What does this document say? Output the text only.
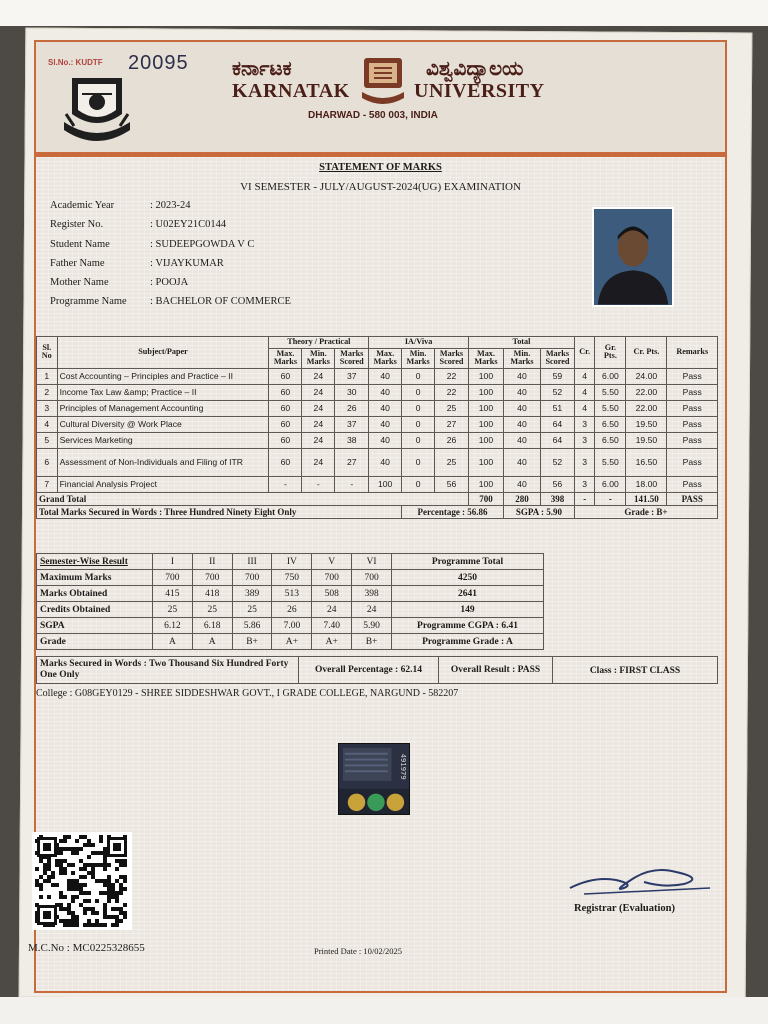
Sl.No.: KUDTF 20095 ಕರ್ನಾಟಕ	ವಿಶ್ವವಿದ್ಯಾಲಯ
KARNATAK	UNIVERSITY
DHARWAD - 580 003, INDIA
STATEMENT OF MARKS
VI SEMESTER - JULY/AUGUST-2024(UG) EXAMINATION
Academic Year	: 2023-24
Register No.	: U02EY21C0144
Student Name	: SUDEEPGOWDA V C
Father Name	: VIJAYKUMAR
Mother Name	: POOJA
Programme Name	: BACHELOR OF COMMERCE
Sl. No	Subject/Paper	Theory / Practical			IA/Viva			Total			Cr.	Gr. Pts.	Cr. Pts.	Remarks
		Max. Marks	Min. Marks	Marks Scored	Max. Marks	Min. Marks	Marks Scored	Max. Marks	Min. Marks	Marks Scored				
1	Cost Accounting – Principles and Practice – II	60	24	37	40	0	22	100	40	59	4	6.00	24.00	Pass
2	Income Tax Law &amp; Practice – II	60	24	30	40	0	22	100	40	52	4	5.50	22.00	Pass
3	Principles of Management Accounting	60	24	26	40	0	25	100	40	51	4	5.50	22.00	Pass
4	Cultural Diversity @ Work Place	60	24	37	40	0	27	100	40	64	3	6.50	19.50	Pass
5	Services Marketing	60	24	38	40	0	26	100	40	64	3	6.50	19.50	Pass
6	Assessment of Non-Individuals and Filing of ITR	60	24	27	40	0	25	100	40	52	3	5.50	16.50	Pass
7	Financial Analysis Project	-	-	-	100	0	56	100	40	56	3	6.00	18.00	Pass
Grand Total								700	280	398	-	-	141.50	PASS
Total Marks Secured in Words : Three Hundred Ninety Eight Only						Percentage : 56.86			SGPA : 5.90		Grade : B+			
Semester-Wise Result	I	II	III	IV	V	VI	Programme Total
Maximum Marks	700	700	700	750	700	700	4250
Marks Obtained	415	418	389	513	508	398	2641
Credits Obtained	25	25	25	26	24	24	149
SGPA	6.12	6.18	5.86	7.00	7.40	5.90	Programme CGPA : 6.41
Grade	A	A	B+	A+	A+	B+	Programme Grade : A
Marks Secured in Words : Two Thousand Six Hundred Forty One Only
Overall Percentage : 62.14	Overall Result : PASS	Class : FIRST CLASS
College : G08GEY0129 - SHREE SIDDESHWAR GOVT., I GRADE COLLEGE, NARGUND - 582207
491979
Registrar (Evaluation)
M.C.No : MC0225328655	Printed Date : 10/02/2025
